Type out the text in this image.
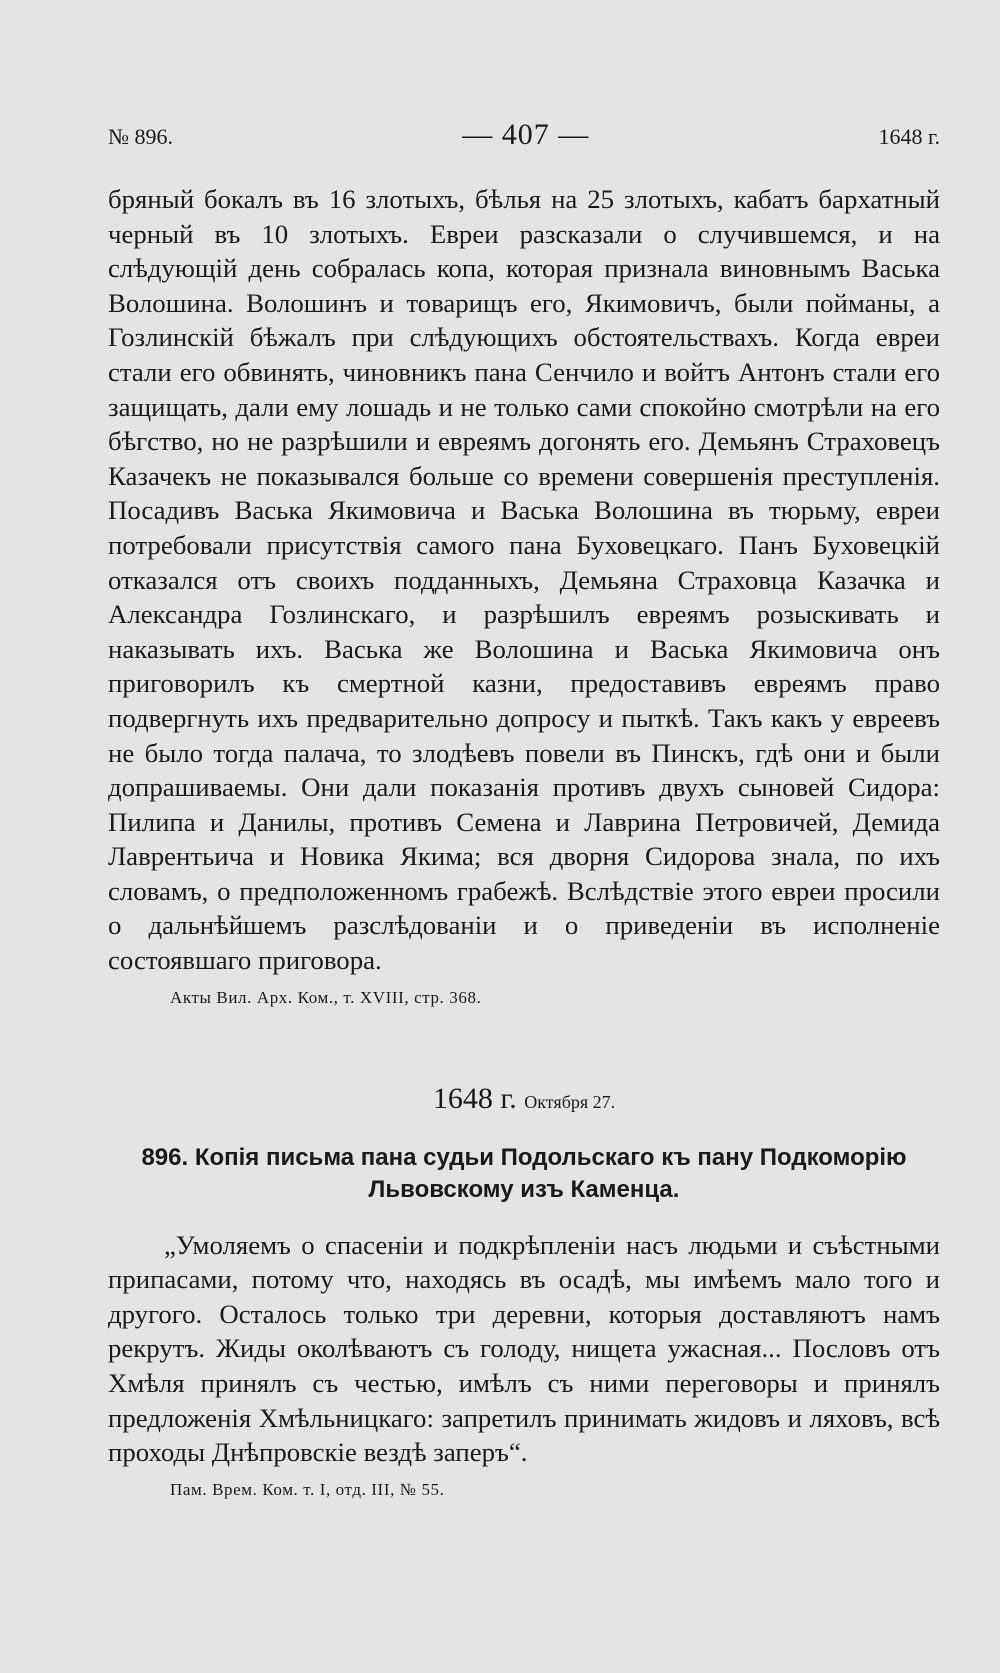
№ 896.	— 407 —	1648 г.

бряный бокалъ въ 16 злотыхъ, бѣлья на 25 злотыхъ, кабатъ бархатный черный въ 10 злотыхъ. Евреи разсказали о случившемся, и на слѣдующій день собралась копа, которая признала виновнымъ Васька Волошина. Волошинъ и товарищъ его, Якимовичъ, были пойманы, а Гозлинскій бѣжалъ при слѣдующихъ обстоятельствахъ. Когда евреи стали его обвинять, чиновникъ пана Сенчило и войтъ Антонъ стали его защищать, дали ему лошадь и не только сами спокойно смотрѣли на его бѣгство, но не разрѣшили и евреямъ догонять его. Демьянъ Страховецъ Казачекъ не показывался больше со времени совершенія преступленія. Посадивъ Васька Якимовича и Васька Волошина въ тюрьму, евреи потребовали присутствія самого пана Буховецкаго. Панъ Буховецкій отказался отъ своихъ подданныхъ, Демьяна Страховца Казачка и Александра Гозлинскаго, и разрѣшилъ евреямъ розыскивать и наказывать ихъ. Васька же Волошина и Васька Якимовича онъ приговорилъ къ смертной казни, предоставивъ евреямъ право подвергнуть ихъ предварительно допросу и пыткѣ. Такъ какъ у евреевъ не было тогда палача, то злодѣевъ повели въ Пинскъ, гдѣ они и были допрашиваемы. Они дали показанія противъ двухъ сыновей Сидора: Пилипа и Данилы, противъ Семена и Лаврина Петровичей, Демида Лаврентьича и Новика Якима; вся дворня Сидорова знала, по ихъ словамъ, о предположенномъ грабежѣ. Вслѣдствіе этого евреи просили о дальнѣйшемъ разслѣдованіи и о приведеніи въ исполненіе состоявшаго приговора.

Акты Вил. Арх. Ком., т. XVIII, стр. 368.
1648 г. Октября 27.
896. Копія письма пана судьи Подольскаго къ пану Подкоморію Львовскому изъ Каменца.

„Умоляемъ о спасеніи и подкрѣпленіи насъ людьми и съѣстными припасами, потому что, находясь въ осадѣ, мы имѣемъ мало того и другого. Осталось только три деревни, которыя доставляютъ намъ рекрутъ. Жиды околѣваютъ съ голоду, нищета ужасная... Пословъ отъ Хмѣля принялъ съ честью, имѣлъ съ ними переговоры и принялъ предложенія Хмѣльницкаго: запретилъ принимать жидовъ и ляховъ, всѣ проходы Днѣпровскіе вездѣ заперъ“.

Пам. Врем. Ком. т. I, отд. III, № 55.
